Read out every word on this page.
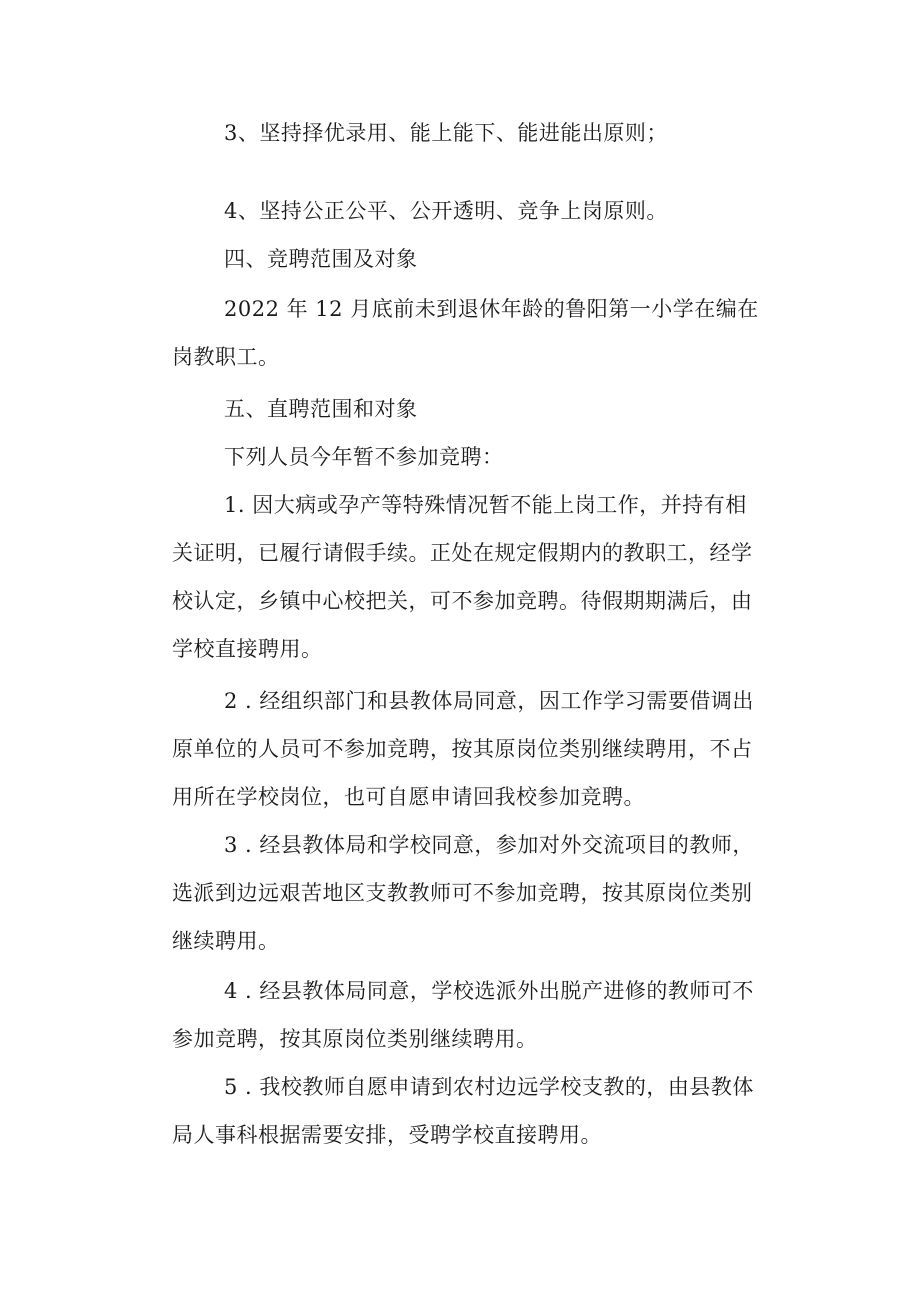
3、坚持择优录用、能上能下、能进能出原则；
4、坚持公正公平、公开透明、竞争上岗原则。
四、竞聘范围及对象
2022 年 12 月底前未到退休年龄的鲁阳第一小学在编在
岗教职工。
五、直聘范围和对象
下列人员今年暂不参加竞聘：
1. 因大病或孕产等特殊情况暂不能上岗工作，并持有相
关证明，已履行请假手续。正处在规定假期内的教职工，经学
校认定，乡镇中心校把关，可不参加竞聘。待假期期满后，由
学校直接聘用。
2 . 经组织部门和县教体局同意，因工作学习需要借调出
原单位的人员可不参加竞聘，按其原岗位类别继续聘用，不占
用所在学校岗位，也可自愿申请回我校参加竞聘。
3 . 经县教体局和学校同意，参加对外交流项目的教师，
选派到边远艰苦地区支教教师可不参加竞聘，按其原岗位类别
继续聘用。
4 . 经县教体局同意，学校选派外出脱产进修的教师可不
参加竞聘，按其原岗位类别继续聘用。
5 . 我校教师自愿申请到农村边远学校支教的，由县教体
局人事科根据需要安排，受聘学校直接聘用。
